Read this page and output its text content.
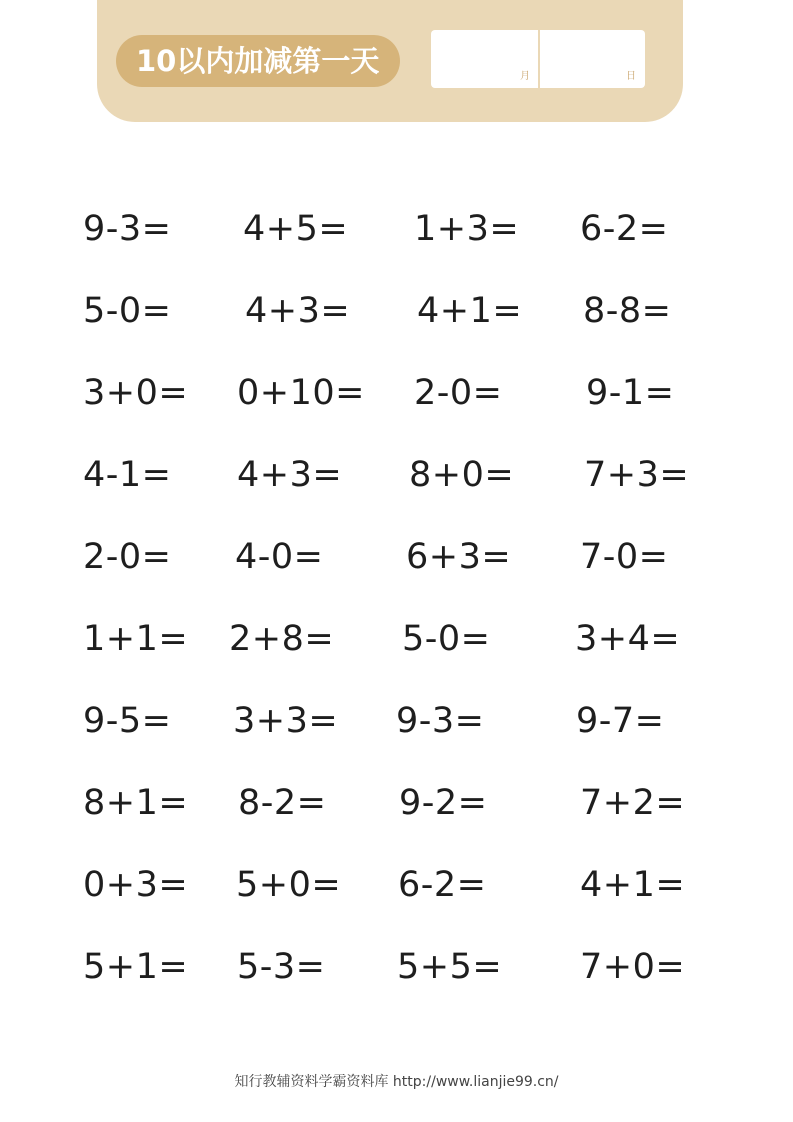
10以内加减第一天	月	日
9-3= 4+5= 1+3= 6-2=
5-0= 4+3= 4+1= 8-8=
3+0= 0+10= 2-0= 9-1=
4-1= 4+3= 8+0= 7+3=
2-0= 4-0= 6+3= 7-0=
1+1= 2+8= 5-0= 3+4=
9-5= 3+3= 9-3=	9-7=
8+1= 8-2= 9-2=	7+2=
0+3= 5+0= 6-2=	4+1=
5+1= 5-3= 5+5= 7+0=
知行教辅资料学霸资料库 http://www.lianjie99.cn/
